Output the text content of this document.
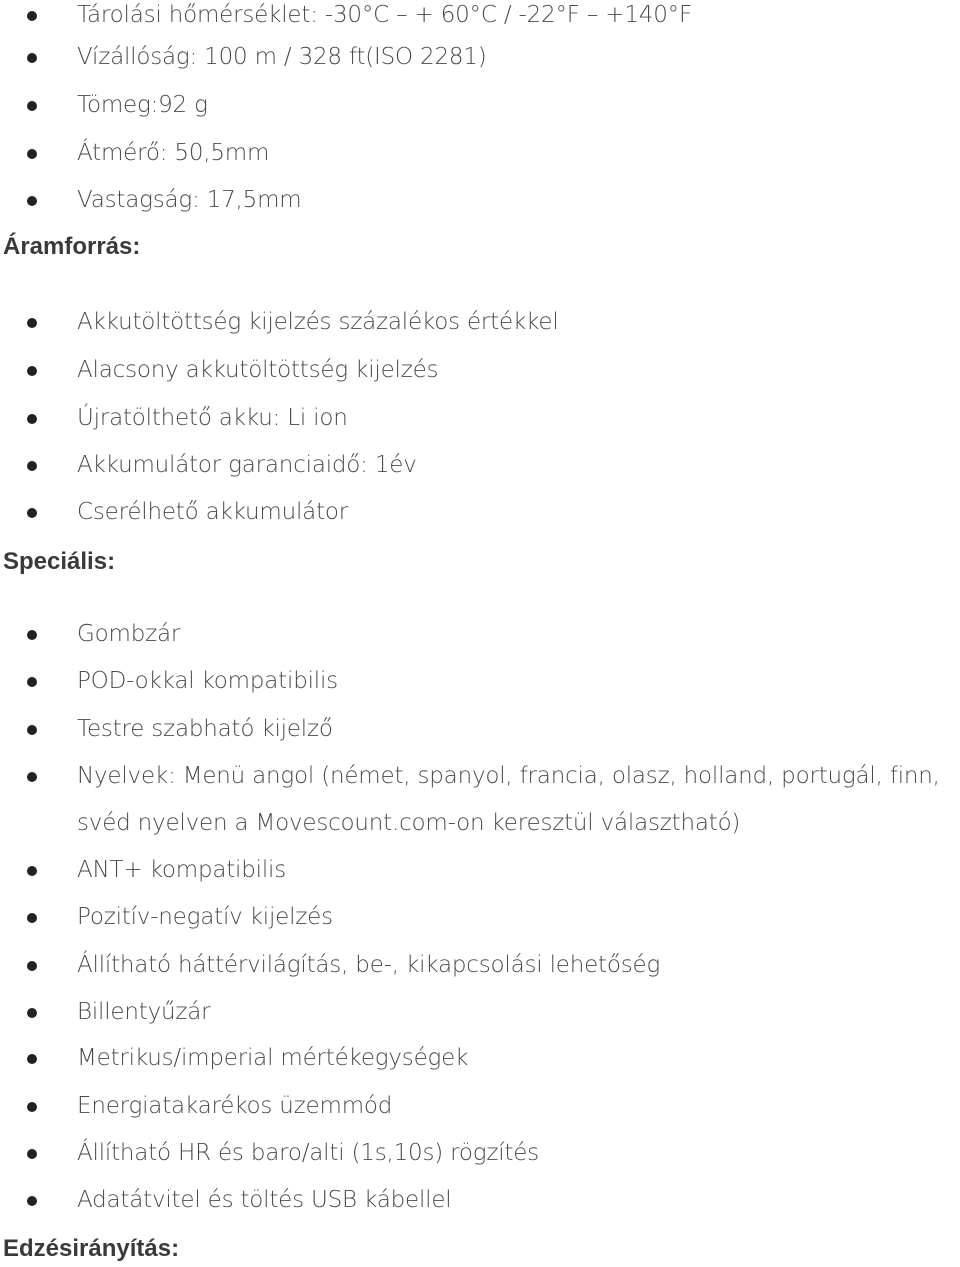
Tárolási hőmérséklet: -30°C – + 60°C / -22°F – +140°F
Vízállóság: 100 m / 328 ft(ISO 2281)
Tömeg:92 g
Átmérő: 50,5mm
Vastagság: 17,5mm
Áramforrás:
Akkutöltöttség kijelzés százalékos értékkel
Alacsony akkutöltöttség kijelzés
Újratölthető akku: Li ion
Akkumulátor garanciaidő: 1év
Cserélhető akkumulátor
Speciális:
Gombzár
POD-okkal kompatibilis
Testre szabható kijelző
Nyelvek: Menü angol (német, spanyol, francia, olasz, holland, portugál, finn, svéd nyelven a Movescount.com-on keresztül választható)
ANT+ kompatibilis
Pozitív-negatív kijelzés
Állítható háttérvilágítás, be-, kikapcsolási lehetőség
Billentyűzár
Metrikus/imperial mértékegységek
Energiatakarékos üzemmód
Állítható HR és baro/alti (1s,10s) rögzítés
Adatátvitel és töltés USB kábellel
Edzésirányítás:
